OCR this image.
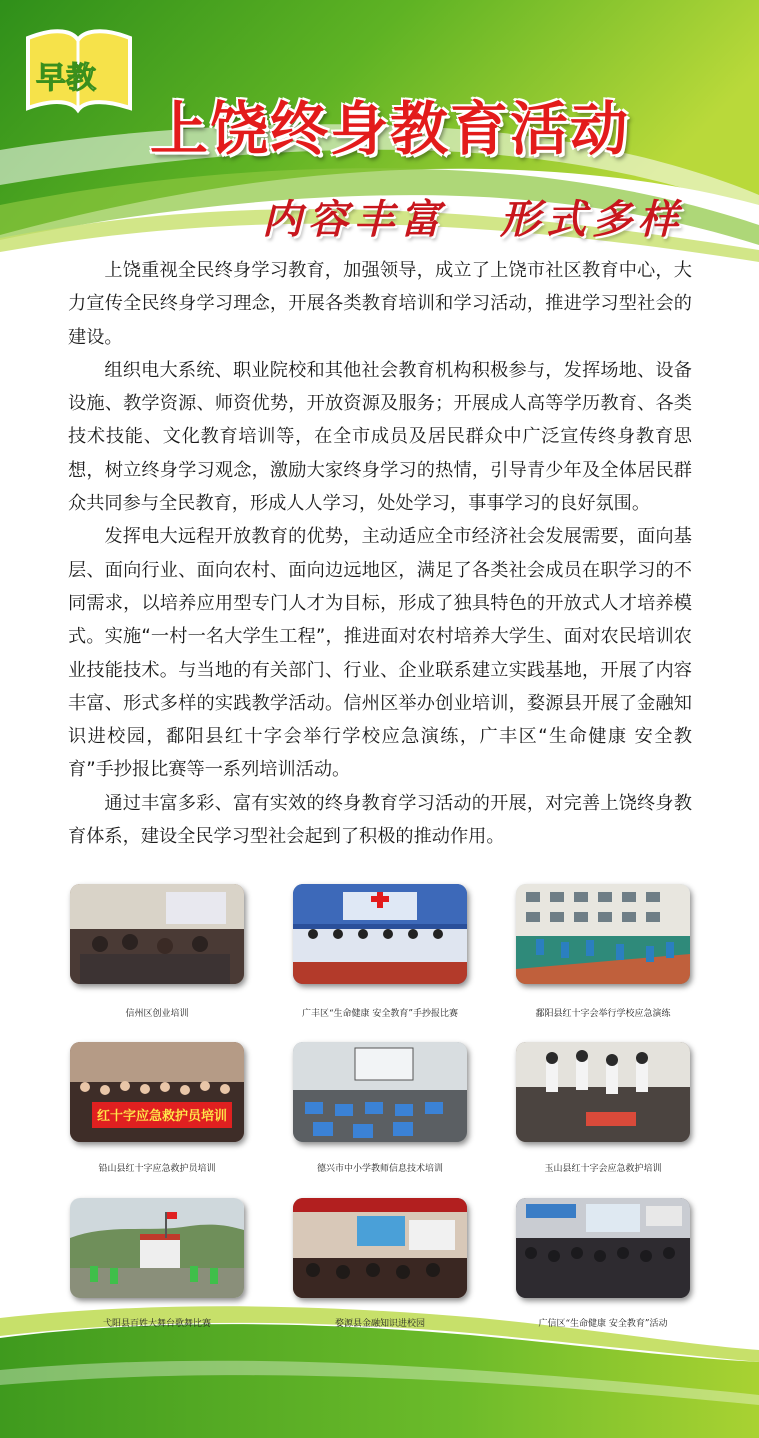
早教
上饶终身教育活动
内容丰富 形式多样

上饶重视全民终身学习教育，加强领导，成立了上饶市社区教育中心，大力宣传全民终身学习理念，开展各类教育培训和学习活动，推进学习型社会的建设。

组织电大系统、职业院校和其他社会教育机构积极参与，发挥场地、设备设施、教学资源、师资优势，开放资源及服务；开展成人高等学历教育、各类技术技能、文化教育培训等，在全市成员及居民群众中广泛宣传终身教育思想，树立终身学习观念，激励大家终身学习的热情，引导青少年及全体居民群众共同参与全民教育，形成人人学习，处处学习，事事学习的良好氛围。

发挥电大远程开放教育的优势，主动适应全市经济社会发展需要，面向基层、面向行业、面向农村、面向边远地区，满足了各类社会成员在职学习的不同需求，以培养应用型专门人才为目标，形成了独具特色的开放式人才培养模式。实施“一村一名大学生工程”，推进面对农村培养大学生、面对农民培训农业技能技术。与当地的有关部门、行业、企业联系建立实践基地，开展了内容丰富、形式多样的实践教学活动。信州区举办创业培训，婺源县开展了金融知识进校园，鄱阳县红十字会举行学校应急演练，广丰区“生命健康 安全教育”手抄报比赛等一系列培训活动。

通过丰富多彩、富有实效的终身教育学习活动的开展，对完善上饶终身教育体系，建设全民学习型社会起到了积极的推动作用。

信州区创业培训	广丰区“生命健康 安全教育”手抄报比赛	鄱阳县红十字会举行学校应急演练
红十字应急救护员培训
铅山县红十字应急救护员培训	德兴市中小学教师信息技术培训	玉山县红十字会应急救护培训
弋阳县百姓大舞台歌舞比赛	婺源县金融知识进校园	广信区“生命健康 安全教育”活动
